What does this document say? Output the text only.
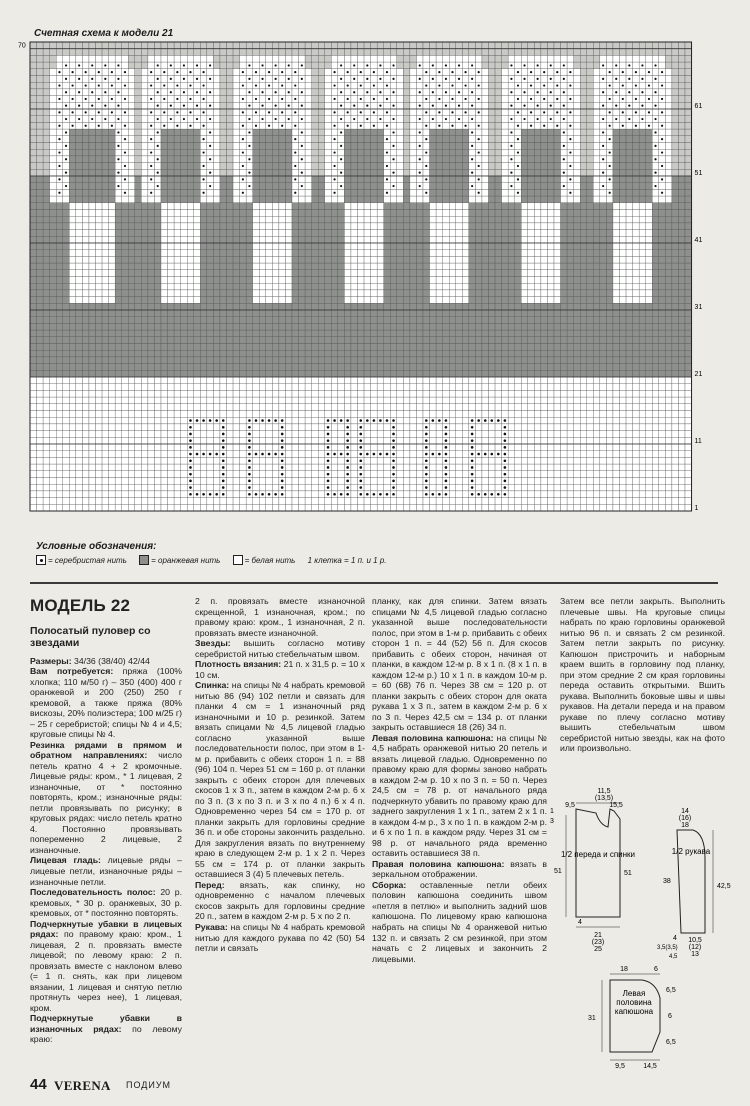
Счетная схема к модели 21
70
61
51
41
31
21
11
1
Условные обозначения:
= серебристая нить	= оранжевая нить	= белая нить 1 клетка = 1 п. и 1 р.
МОДЕЛЬ 22
Полосатый пуловер со звездами

Размеры: 34/36 (38/40) 42/44

Вам потребуется: пряжа (100% хлопка; 110 м/50 г) – 350 (400) 400 г оранжевой и 200 (250) 250 г кремовой, а также пряжа (80% вискозы, 20% полиэстера; 100 м/25 г) – 25 г серебристой; спицы № 4 и 4,5; круговые спицы № 4.

Резинка рядами в прямом и обратном направлениях: число петель кратно 4 + 2 кромочные. Лицевые ряды: кром., * 1 лицевая, 2 изнаночные, от * постоянно повторять, кром.; изнаночные ряды: петли провязывать по рисунку; в круговых рядах: число петель кратно 4. Постоянно провязывать попеременно 2 лицевые, 2 изнаночные.

Лицевая гладь: лицевые ряды – лицевые петли, изнаночные ряды – изнаночные петли.

Последовательность полос: 20 р. кремовых, * 30 р. оранжевых, 30 р. кремовых, от * постоянно повторять.

Подчеркнутые убавки в лицевых рядах: по правому краю: кром., 1 лицевая, 2 п. провязать вместе лицевой; по левому краю: 2 п. провязать вместе с наклоном влево (= 1 п. снять, как при лицевом вязании, 1 лицевая и снятую петлю протянуть через нее), 1 лицевая, кром.

Подчеркнутые убавки в изнаночных рядах: по левому краю:

2 п. провязать вместе изнаночной скрещенной, 1 изнаночная, кром.; по правому краю: кром., 1 изнаночная, 2 п. провязать вместе изнаночной.

Звезды: вышить согласно мотиву серебристой нитью стебельчатым швом.

Плотность вязания: 21 п. х 31,5 р. = 10 х 10 см.

Спинка: на спицы № 4 набрать кремовой нитью 86 (94) 102 петли и связать для планки 4 см = 1 изнаночный ряд изнаночными и 10 р. резинкой. Затем вязать спицами № 4,5 лицевой гладью согласно указанной выше последовательности полос, при этом в 1-м р. прибавить с обеих сторон 1 п. = 88 (96) 104 п. Через 51 см = 160 р. от планки закрыть с обеих сторон для плечевых скосов 1 х 3 п., затем в каждом 2-м р. 6 х по 3 п. (3 х по 3 п. и 3 х по 4 п.) 6 х 4 п. Одновременно через 54 см = 170 р. от планки закрыть для горловины средние 36 п. и обе стороны закончить раздельно. Для закругления вязать по внутреннему краю в следующем 2-м р. 1 х 2 п. Через 55 см = 174 р. от планки закрыть оставшиеся 3 (4) 5 плечевых петель.

Перед: вязать, как спинку, но одновременно с началом плечевых скосов закрыть для горловины средние 20 п., затем в каждом 2-м р. 5 х по 2 п.

Рукава: на спицы № 4 набрать кремовой нитью для каждого рукава по 42 (50) 54 петли и связать

планку, как для спинки. Затем вязать спицами № 4,5 лицевой гладью согласно указанной выше последовательности полос, при этом в 1-м р. прибавить с обеих сторон 1 п. = 44 (52) 56 п. Для скосов прибавить с обеих сторон, начиная от планки, в каждом 12-м р. 8 х 1 п. (8 х 1 п. в каждом 12-м р.) 10 х 1 п. в каждом 10-м р. = 60 (68) 76 п. Через 38 см = 120 р. от планки закрыть с обеих сторон для оката рукава 1 х 3 п., затем в каждом 2-м р. 6 х по 3 п. Через 42,5 см = 134 р. от планки закрыть оставшиеся 18 (26) 34 п.

Левая половина капюшона: на спицы № 4,5 набрать оранжевой нитью 20 петель и вязать лицевой гладью. Одновременно по правому краю для формы заново набрать в каждом 2-м р. 10 х по 3 п. = 50 п. Через 24,5 см = 78 р. от начального ряда подчеркнуто убавить по правому краю для заднего закругления 1 х 1 п., затем 2 х 1 п. в каждом 4-м р., 3 х по 1 п. в каждом 2-м р. и 6 х по 1 п. в каждом ряду. Через 31 см = 98 р. от начального ряда временно оставить оставшиеся 38 п.

Правая половина капюшона: вязать в зеркальном отображении.

Сборка: оставленные петли обеих половин капюшона соединить швом «петля в петлю» и выполнить задний шов капюшона. По лицевому краю капюшона набрать на спицы № 4 оранжевой нитью 132 п. и связать 2 см резинкой, при этом начать с 2 лицевых и закончить 2 лицевыми.

Затем все петли закрыть. Выполнить плечевые швы. На круговые спицы набрать по краю горловины оранжевой нитью 96 п. и связать 2 см резинкой. Затем петли закрыть по рисунку. Капюшон пристрочить и наборным краем вшить в горловину под планку, при этом средние 2 см края горловины переда оставить открытыми. Вшить рукава. Выполнить боковые швы и швы рукавов. На детали переда и на правом рукаве по плечу согласно мотиву вышить стебельчатым швом серебристой нитью звезды, как на фото или произвольно.

11,5
(13,5)
15,5
9,5
1
3
1/2 переда и спинки
51	51
4
21
(23)
25
14
(16)
18
1/2 рукава
38
42,5
10,5
(12)
13
3,5(3,5)
4,5
4
18	6
6,5
6
6,5
31
Левая
половина
капюшона
9,5	14,5
44 VERENA ПОДИУМ
